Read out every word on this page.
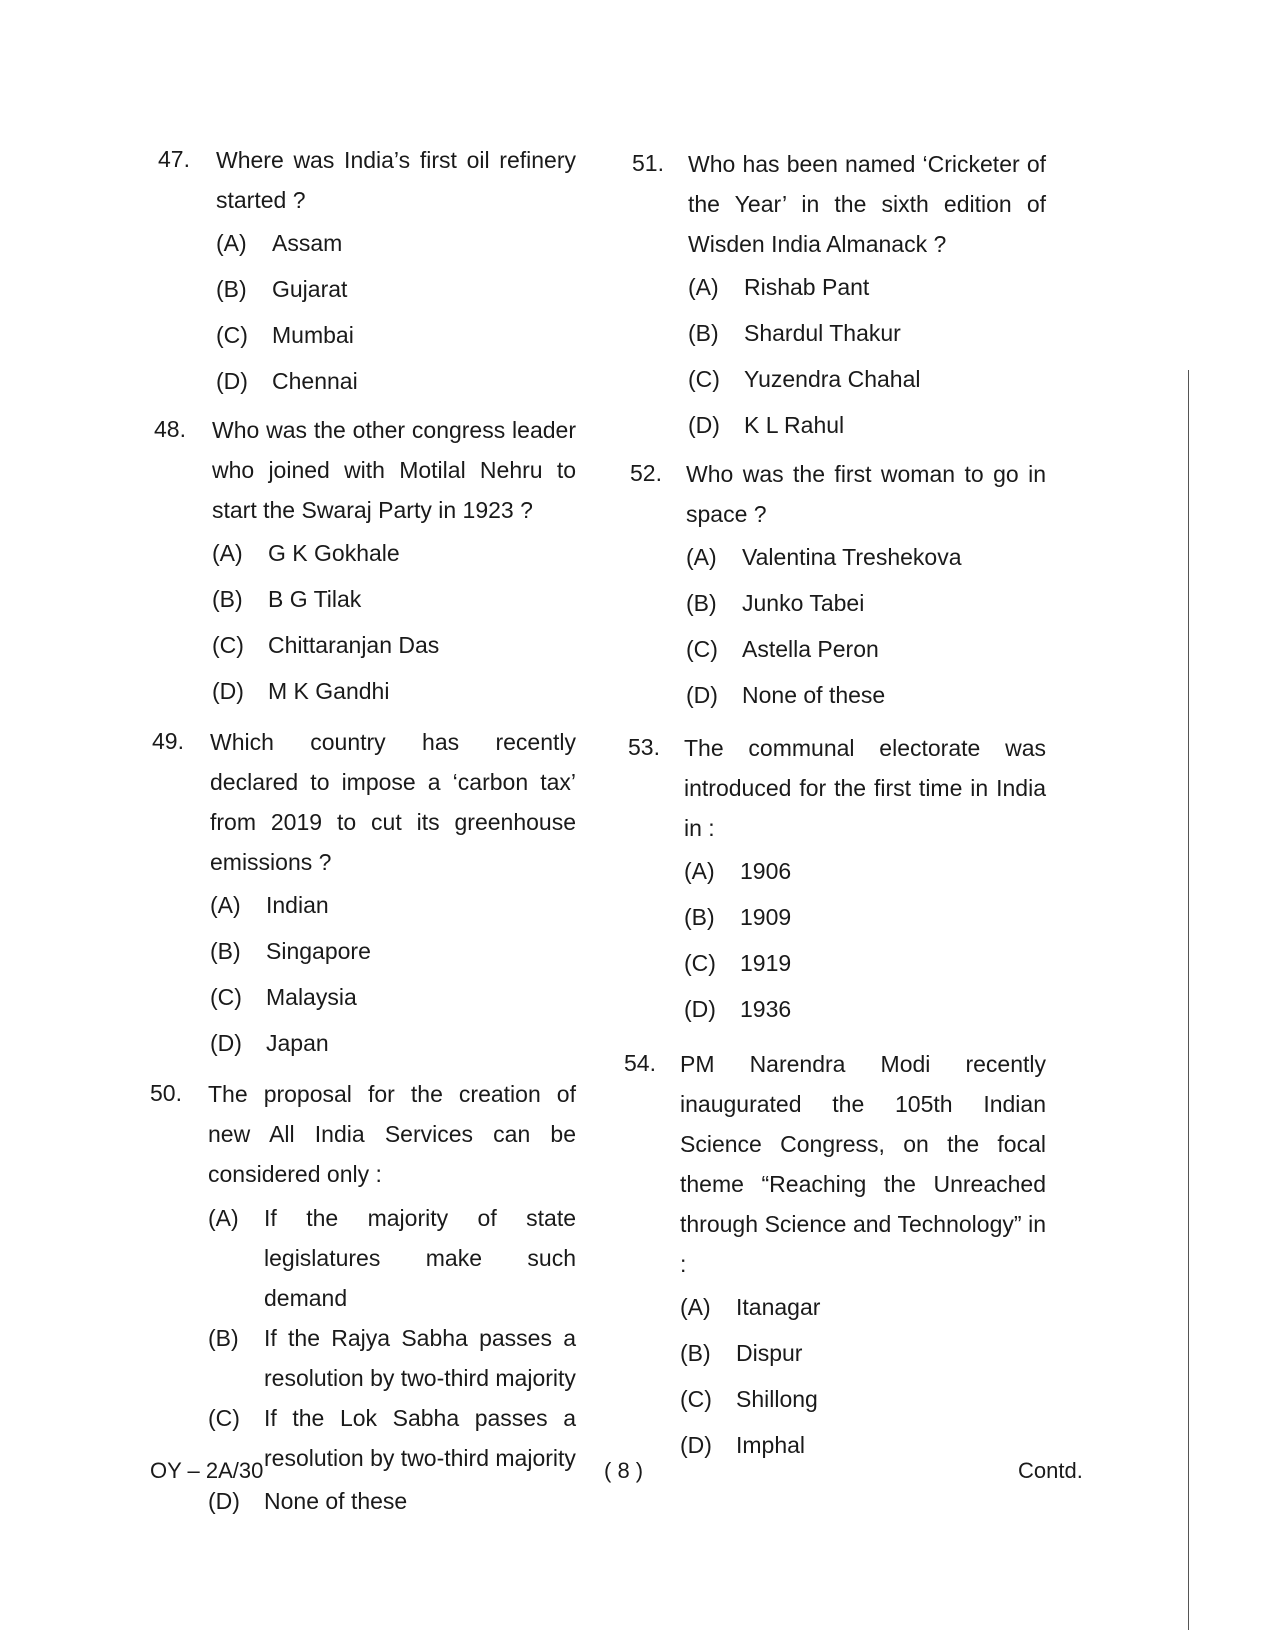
47. Where was India’s first oil refinery started ?
(A) Assam
(B) Gujarat
(C) Mumbai
(D) Chennai
48. Who was the other congress leader who joined with Motilal Nehru to start the Swaraj Party in 1923 ?
(A) G K Gokhale
(B) B G Tilak
(C) Chittaranjan Das
(D) M K Gandhi
49. Which country has recently declared to impose a ‘carbon tax’ from 2019 to cut its greenhouse emissions ?
(A) Indian
(B) Singapore
(C) Malaysia
(D) Japan
50. The proposal for the creation of new All India Services can be considered only :
(A) If the majority of state legislatures make such demand
(B) If the Rajya Sabha passes a resolution by two-third majority
(C) If the Lok Sabha passes a resolution by two-third majority
(D) None of these
51. Who has been named ‘Cricketer of the Year’ in the sixth edition of Wisden India Almanack ?
(A) Rishab Pant
(B) Shardul Thakur
(C) Yuzendra Chahal
(D) K L Rahul
52. Who was the first woman to go in space ?
(A) Valentina Treshekova
(B) Junko Tabei
(C) Astella Peron
(D) None of these
53. The communal electorate was introduced for the first time in India in :
(A) 1906
(B) 1909
(C) 1919
(D) 1936
54. PM Narendra Modi recently inaugurated the 105th Indian Science Congress, on the focal theme “Reaching the Unreached through Science and Technology” in :
(A) Itanagar
(B) Dispur
(C) Shillong
(D) Imphal
OY – 2A/30	( 8 )	Contd.
